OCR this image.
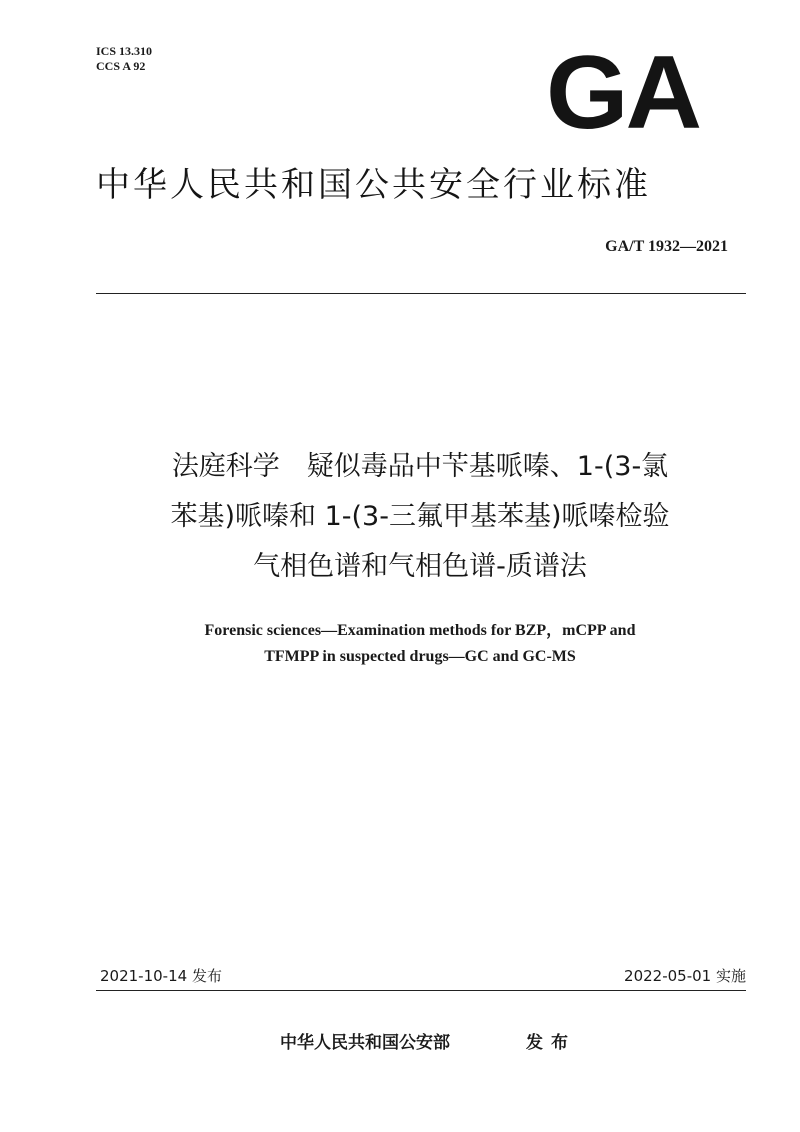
ICS 13.310
CCS A 92	GA
中华人民共和国公共安全行业标准
GA/T 1932—2021
法庭科学　疑似毒品中苄基哌嗪、1-(3-氯
苯基)哌嗪和 1-(3-三氟甲基苯基)哌嗪检验
气相色谱和气相色谱-质谱法
Forensic sciences—Examination methods for BZP，mCPP and
TFMPP in suspected drugs—GC and GC-MS
2021-10-14 发布	2022-05-01 实施
中华人民共和国公安部	发布
